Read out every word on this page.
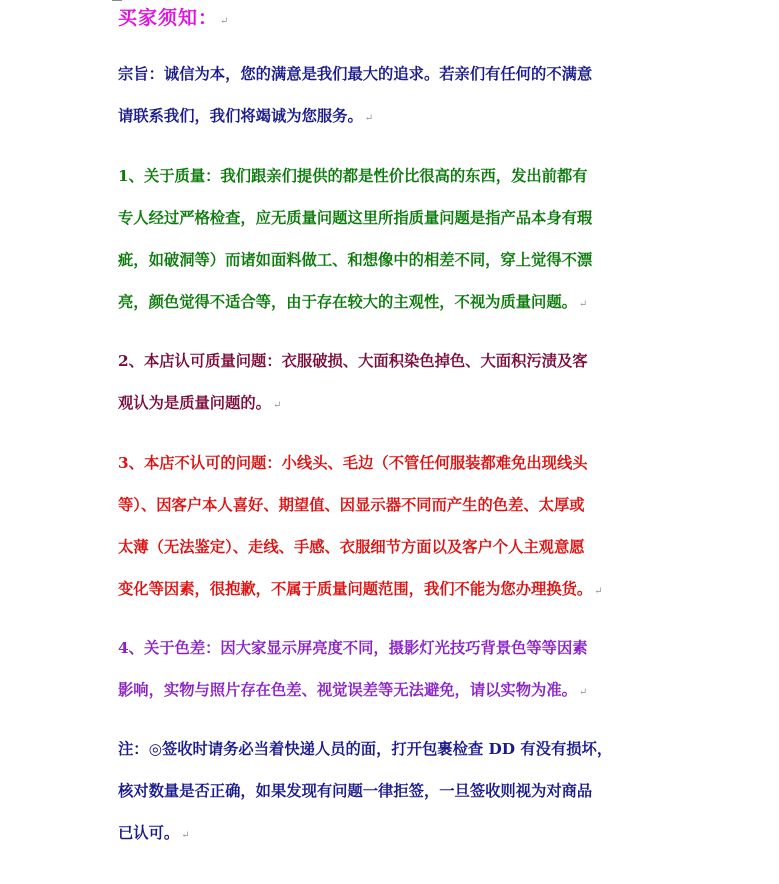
买家须知： ↵
宗旨：诚信为本，您的满意是我们最大的追求。若亲们有任何的不满意
请联系我们，我们将竭诚为您服务。 ↵
1、关于质量：我们跟亲们提供的都是性价比很高的东西，发出前都有
专人经过严格检查，应无质量问题这里所指质量问题是指产品本身有瑕
疵，如破洞等）而诸如面料做工、和想像中的相差不同，穿上觉得不漂
亮，颜色觉得不适合等，由于存在较大的主观性，不视为质量问题。 ↵
2、本店认可质量问题：衣服破损、大面积染色掉色、大面积污渍及客
观认为是质量问题的。 ↵
3、本店不认可的问题：小线头、毛边（不管任何服装都难免出现线头
等）、因客户本人喜好、期望值、因显示器不同而产生的色差、太厚或
太薄（无法鉴定）、走线、手感、衣服细节方面以及客户个人主观意愿
变化等因素，很抱歉，不属于质量问题范围，我们不能为您办理换货。 ↵
4、关于色差：因大家显示屏亮度不同，摄影灯光技巧背景色等等因素
影响，实物与照片存在色差、视觉误差等无法避免，请以实物为准。 ↵
注：◎签收时请务必当着快递人员的面，打开包裹检查 DD 有没有损坏，
核对数量是否正确，如果发现有问题一律拒签，一旦签收则视为对商品
已认可。 ↵
